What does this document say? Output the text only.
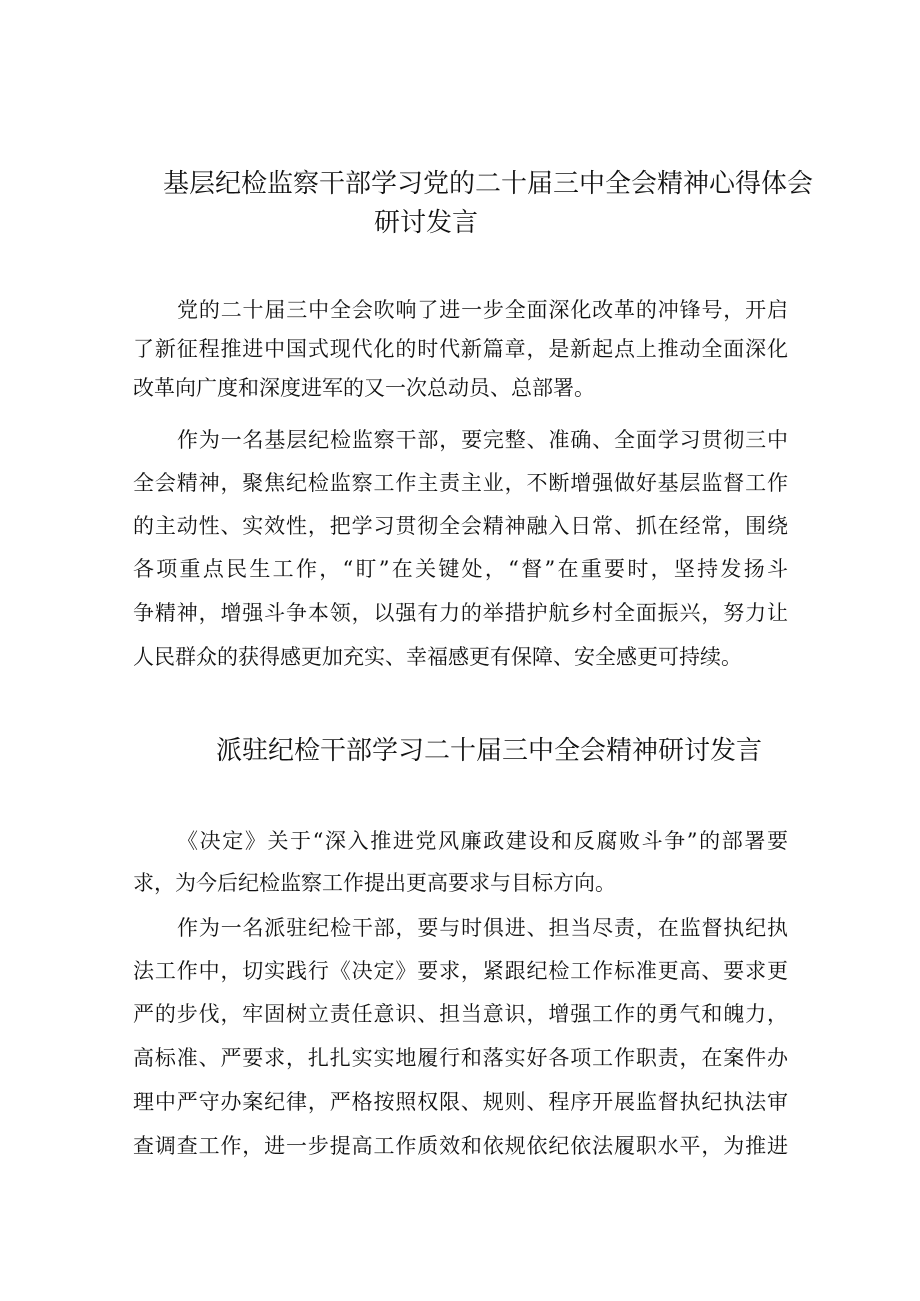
基层纪检监察干部学习党的二十届三中全会精神心得体会
研讨发言
党的二十届三中全会吹响了进一步全面深化改革的冲锋号，开启
了新征程推进中国式现代化的时代新篇章，是新起点上推动全面深化
改革向广度和深度进军的又一次总动员、总部署。
作为一名基层纪检监察干部，要完整、准确、全面学习贯彻三中
全会精神，聚焦纪检监察工作主责主业，不断增强做好基层监督工作
的主动性、实效性，把学习贯彻全会精神融入日常、抓在经常，围绕
各项重点民生工作，“盯”在关键处，“督”在重要时，坚持发扬斗
争精神，增强斗争本领，以强有力的举措护航乡村全面振兴，努力让
人民群众的获得感更加充实、幸福感更有保障、安全感更可持续。
派驻纪检干部学习二十届三中全会精神研讨发言
《决定》关于“深入推进党风廉政建设和反腐败斗争”的部署要
求，为今后纪检监察工作提出更高要求与目标方向。
作为一名派驻纪检干部，要与时俱进、担当尽责，在监督执纪执
法工作中，切实践行《决定》要求，紧跟纪检工作标准更高、要求更
严的步伐，牢固树立责任意识、担当意识，增强工作的勇气和魄力，
高标准、严要求，扎扎实实地履行和落实好各项工作职责，在案件办
理中严守办案纪律，严格按照权限、规则、程序开展监督执纪执法审
查调查工作，进一步提高工作质效和依规依纪依法履职水平，为推进
